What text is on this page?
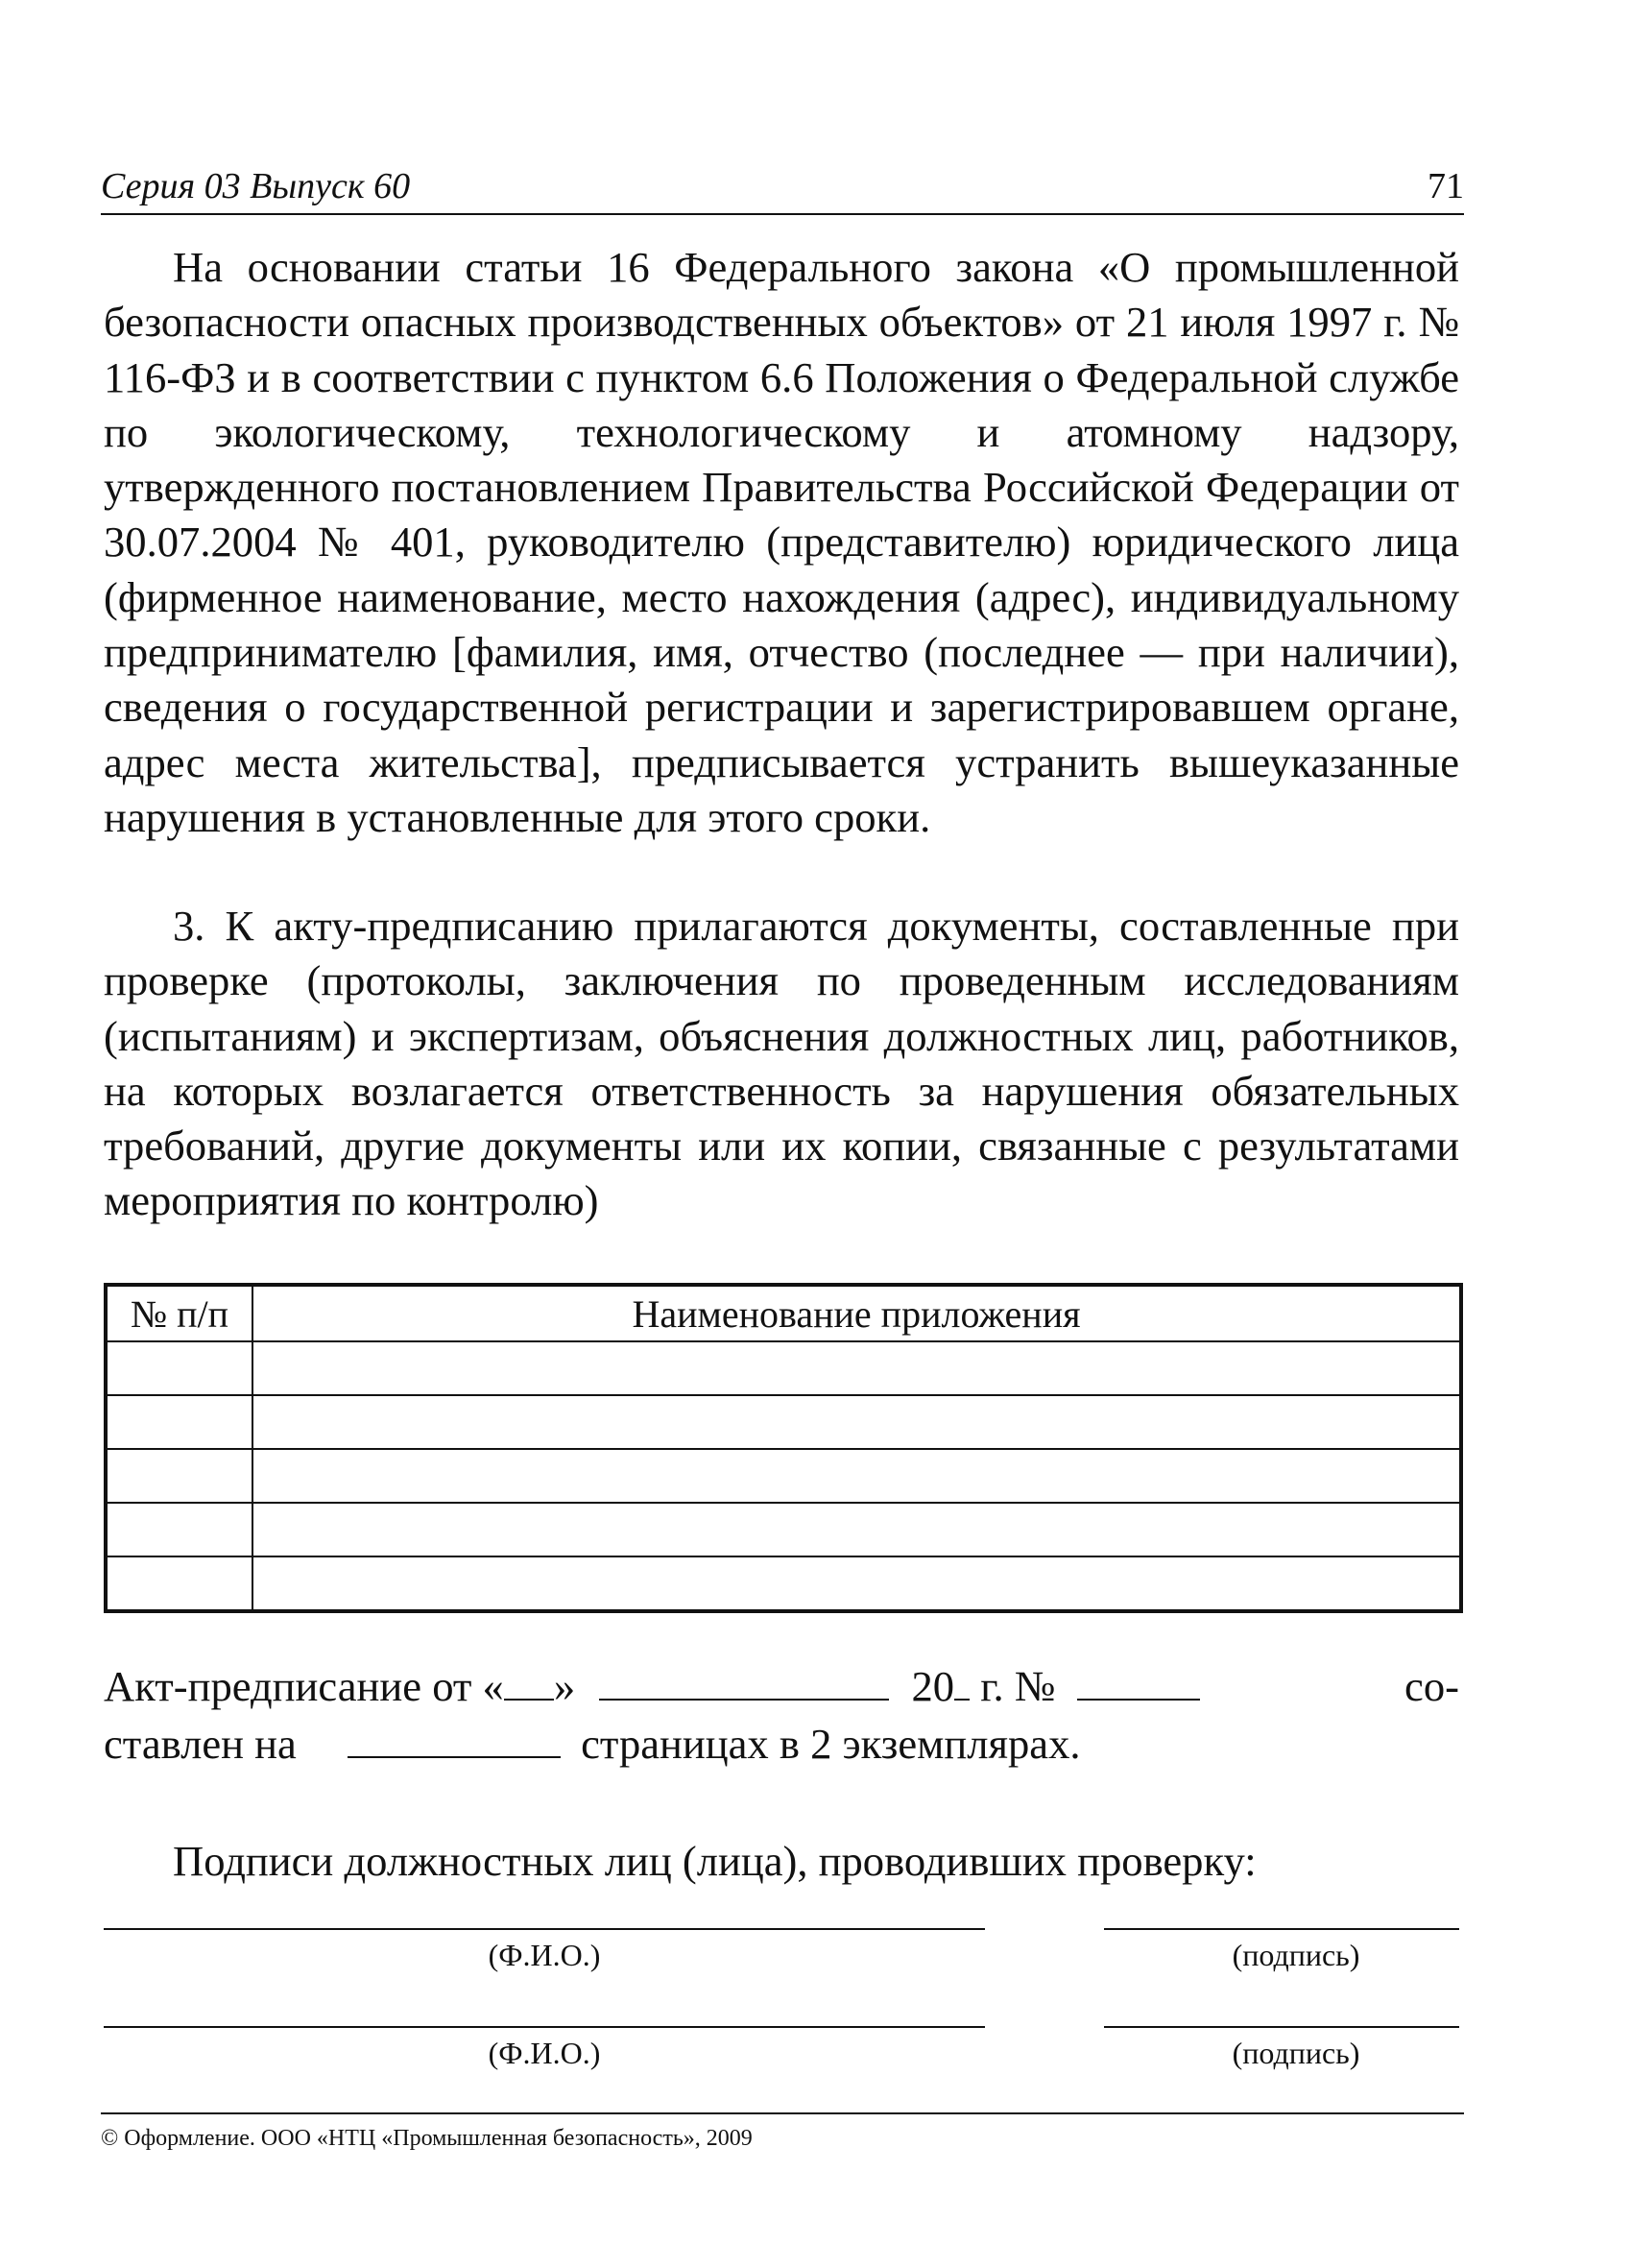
Серия 03 Выпуск 60	71

На основании статьи 16 Федерального закона «О промышленной безопасности опасных производственных объектов» от 21 июля 1997 г. № 116-ФЗ и в соответствии с пунктом 6.6 Положения о Федеральной службе по экологическому, технологическому и атомному надзору, утвержденного постановлением Правительства Российской Федерации от 30.07.2004 № 401, руководителю (представителю) юридического лица (фирменное наименование, место нахождения (адрес), индивидуальному предпринимателю [фамилия, имя, отчество (последнее — при наличии), сведения о государственной регистрации и зарегистрировавшем органе, адрес места жительства], предписывается устранить вышеуказанные нарушения в установленные для этого сроки.

3. К акту-предписанию прилагаются документы, составленные при проверке (протоколы, заключения по проведенным исследованиям (испытаниям) и экспертизам, объяснения должностных лиц, работников, на которых возлагается ответственность за нарушения обязательных требований, другие документы или их копии, связанные с результатами мероприятия по контролю)

№ п/п	Наименование приложения

Акт-предписание от « »	20 г. №	со-
ставлен на	страницах в 2 экземплярах.
Подписи должностных лиц (лица), проводивших проверку:
(Ф.И.О.)	(подпись)
(Ф.И.О.)	(подпись)
© Оформление. ООО «НТЦ «Промышленная безопасность», 2009
